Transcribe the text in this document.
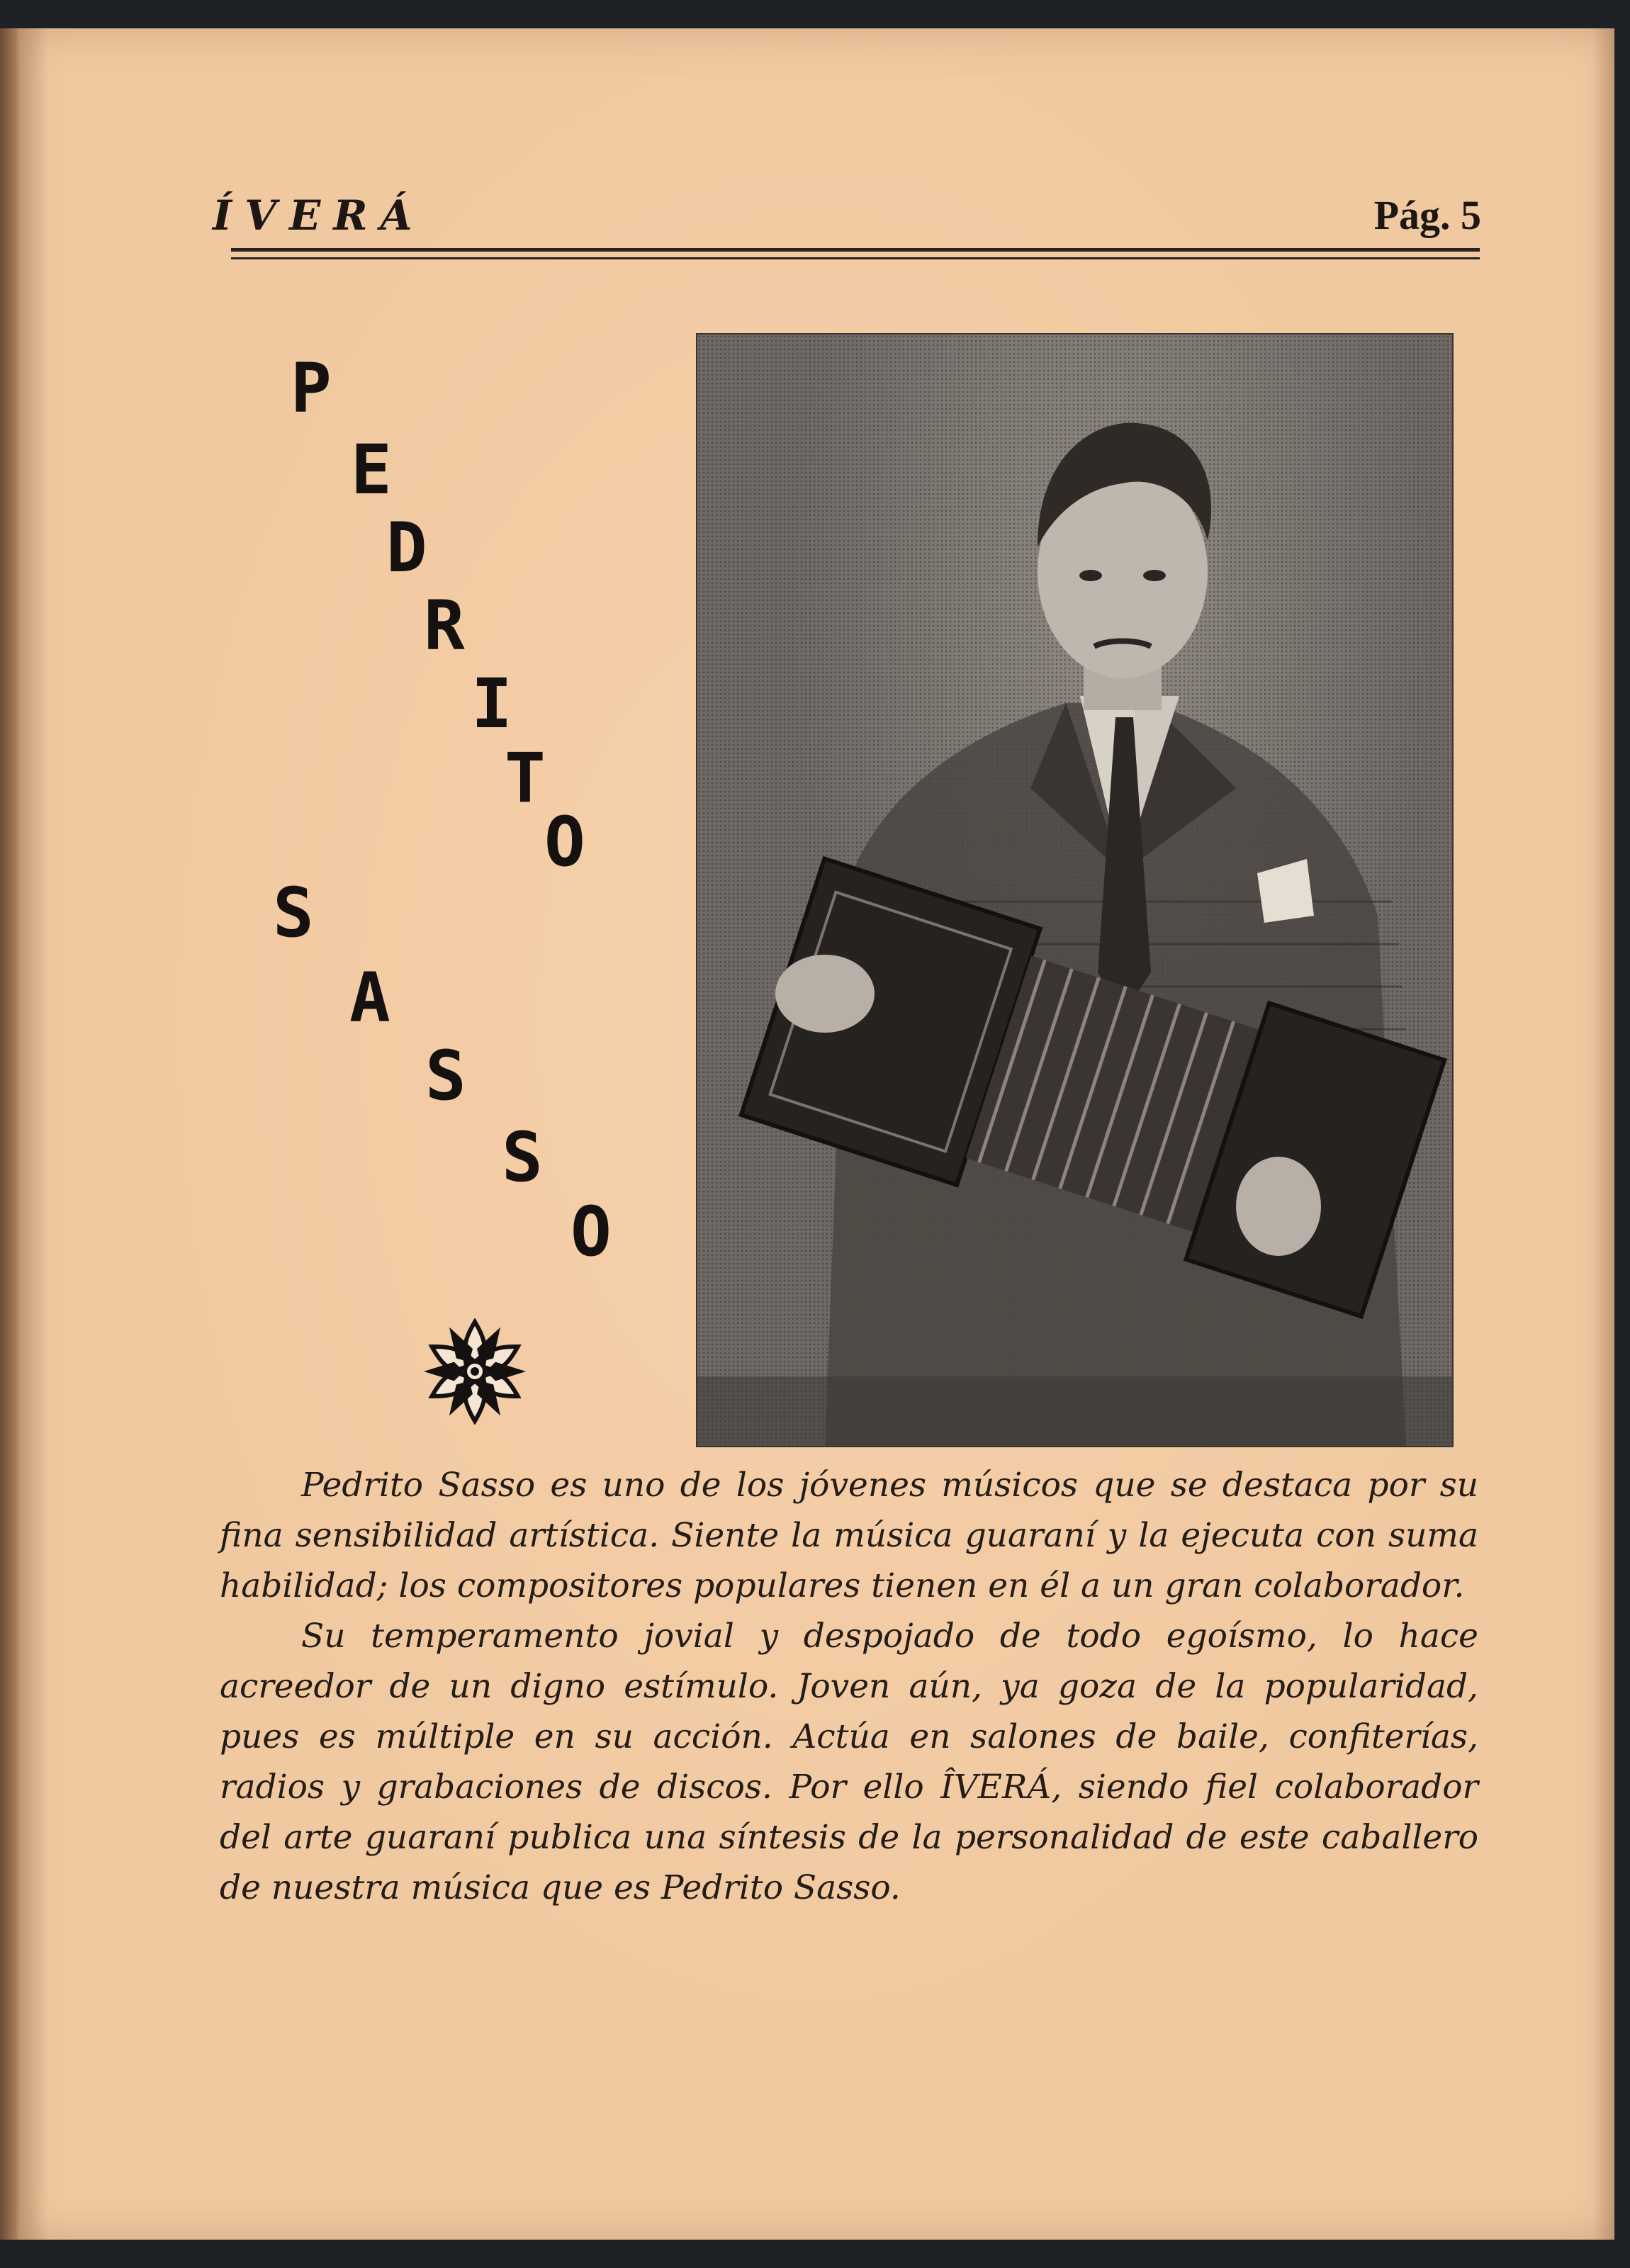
ÍVERÁ	Pág. 5
P
E
D
R
I
T
O
S
A
S
S
O

Pedrito Sasso es uno de los jóvenes músicos que se destaca por su fina sensibilidad artística. Siente la música guaraní y la ejecuta con suma habilidad; los compositores populares tienen en él a un gran colaborador.

Su temperamento jovial y despojado de todo egoísmo, lo hace acreedor de un digno estímulo. Joven aún, ya goza de la popularidad, pues es múltiple en su acción. Actúa en salones de baile, confiterías, radios y grabaciones de discos. Por ello ÎVERÁ, siendo fiel colaborador del arte guaraní publica una síntesis de la personalidad de este caballero de nuestra música que es Pedrito Sasso.
